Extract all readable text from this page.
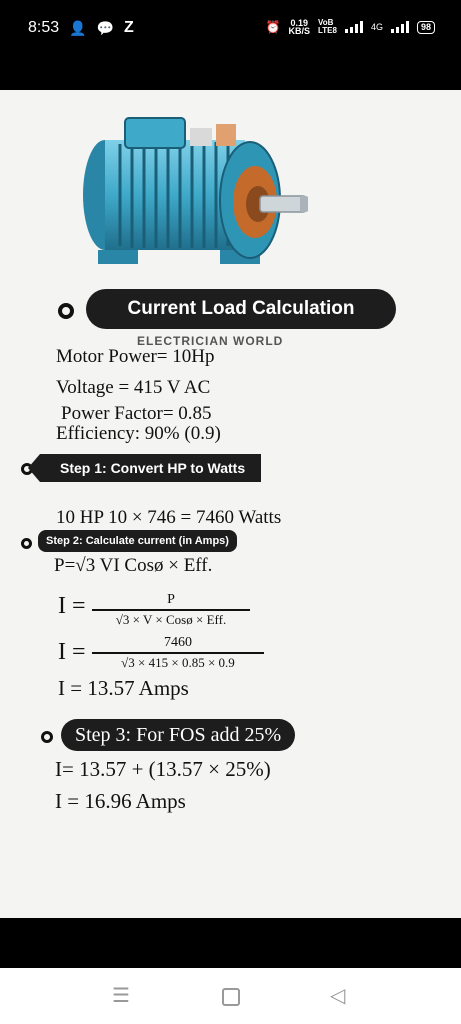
8:53 👤 💬 Z	⏰ 0.19
KB/S
VoB
LTE8	4G	98
Current Load Calculation
ELECTRICIAN WORLD
Motor Power= 10Hp
Voltage = 415 V AC
Power Factor= 0.85
Efficiency: 90% (0.9)
Step 1: Convert HP to Watts
10 HP 10 × 746 = 7460 Watts
Step 2: Calculate current (in Amps)
P=√3 VI Cosø × Eff.
I =	P
√3 × V × Cosø × Eff.
I =	7460
√3 × 415 × 0.85 × 0.9
I = 13.57 Amps
Step 3: For FOS add 25%
I= 13.57 + (13.57 × 25%)
I = 16.96 Amps
☰	◁
